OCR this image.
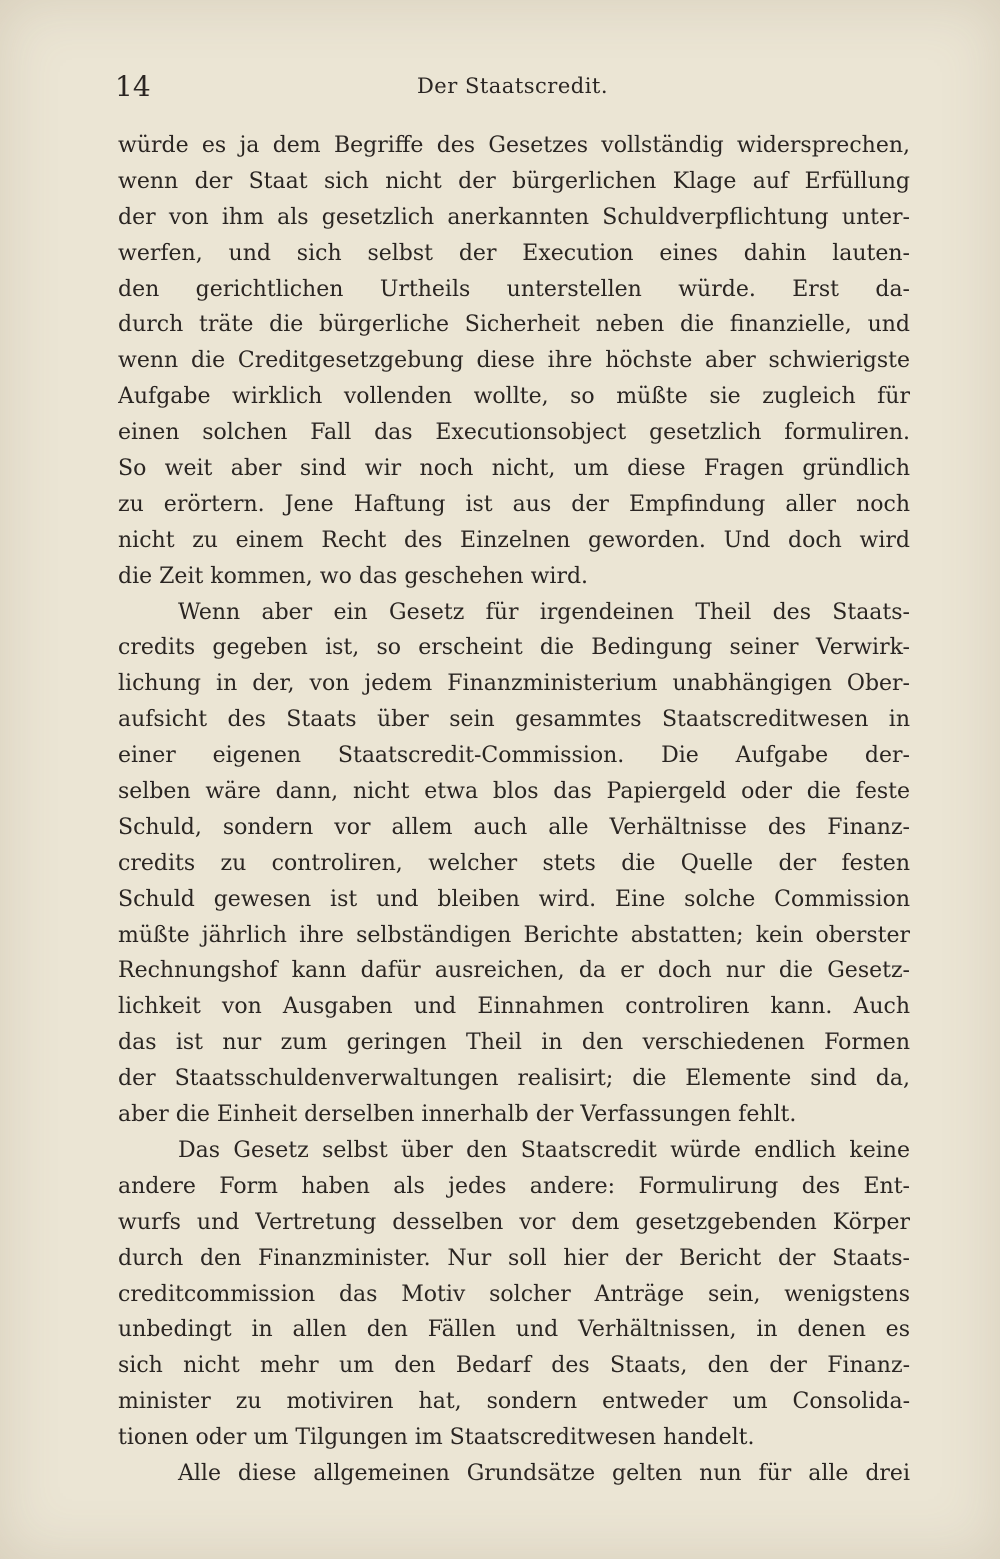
14	Der Staatscredit.
würde es ja dem Begriffe des Gesetzes vollständig widersprechen,
wenn der Staat sich nicht der bürgerlichen Klage auf Erfüllung
der von ihm als gesetzlich anerkannten Schuldverpflichtung unter-
werfen, und sich selbst der Execution eines dahin lauten-
den gerichtlichen Urtheils unterstellen würde. Erst da-
durch träte die bürgerliche Sicherheit neben die finanzielle, und
wenn die Creditgesetzgebung diese ihre höchste aber schwierigste
Aufgabe wirklich vollenden wollte, so müßte sie zugleich für
einen solchen Fall das Executionsobject gesetzlich formuliren.
So weit aber sind wir noch nicht, um diese Fragen gründlich
zu erörtern. Jene Haftung ist aus der Empfindung aller noch
nicht zu einem Recht des Einzelnen geworden. Und doch wird
die Zeit kommen, wo das geschehen wird.
Wenn aber ein Gesetz für irgendeinen Theil des Staats-
credits gegeben ist, so erscheint die Bedingung seiner Verwirk-
lichung in der, von jedem Finanzministerium unabhängigen Ober-
aufsicht des Staats über sein gesammtes Staatscreditwesen in
einer eigenen Staatscredit-Commission. Die Aufgabe der-
selben wäre dann, nicht etwa blos das Papiergeld oder die feste
Schuld, sondern vor allem auch alle Verhältnisse des Finanz-
credits zu controliren, welcher stets die Quelle der festen
Schuld gewesen ist und bleiben wird. Eine solche Commission
müßte jährlich ihre selbständigen Berichte abstatten; kein oberster
Rechnungshof kann dafür ausreichen, da er doch nur die Gesetz-
lichkeit von Ausgaben und Einnahmen controliren kann. Auch
das ist nur zum geringen Theil in den verschiedenen Formen
der Staatsschuldenverwaltungen realisirt; die Elemente sind da,
aber die Einheit derselben innerhalb der Verfassungen fehlt.
Das Gesetz selbst über den Staatscredit würde endlich keine
andere Form haben als jedes andere: Formulirung des Ent-
wurfs und Vertretung desselben vor dem gesetzgebenden Körper
durch den Finanzminister. Nur soll hier der Bericht der Staats-
creditcommission das Motiv solcher Anträge sein, wenigstens
unbedingt in allen den Fällen und Verhältnissen, in denen es
sich nicht mehr um den Bedarf des Staats, den der Finanz-
minister zu motiviren hat, sondern entweder um Consolida-
tionen oder um Tilgungen im Staatscreditwesen handelt.
Alle diese allgemeinen Grundsätze gelten nun für alle drei
